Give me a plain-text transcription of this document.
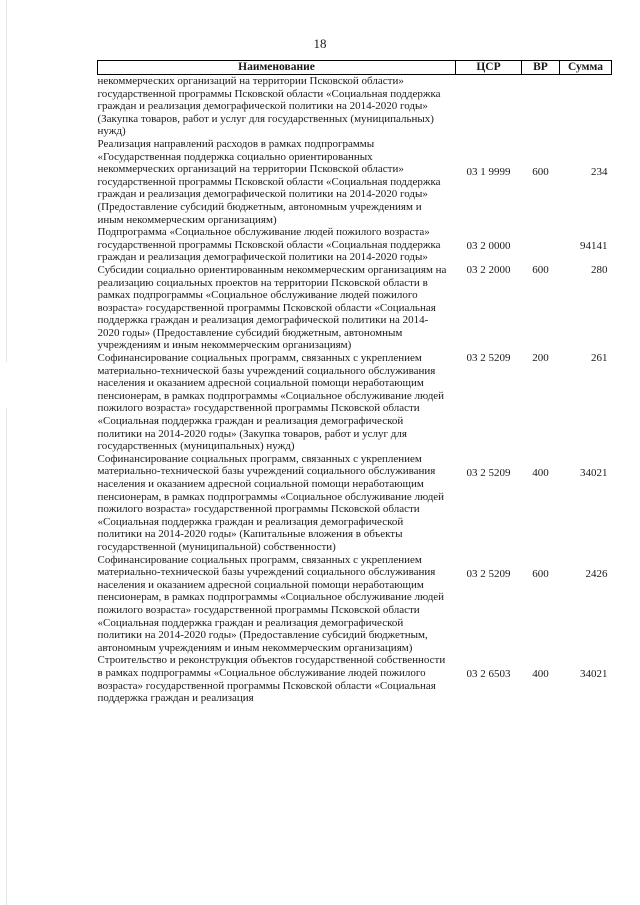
18
Наименование	ЦСР	ВР	Сумма
некоммерческих организаций на территории Псковской области» государственной программы Псковской области «Социальная поддержка граждан и реализация демографической политики на 2014-2020 годы» (Закупка товаров, работ и услуг для государственных (муниципальных) нужд)			
Реализация направлений расходов в рамках подпрограммы «Государственная поддержка социально ориентированных некоммерческих организаций на территории Псковской области» государственной программы Псковской области «Социальная поддержка граждан и реализация демографической политики на 2014-2020 годы» (Предоставление субсидий бюджетным, автономным учреждениям и иным некоммерческим организациям)	03 1 9999	600	234
Подпрограмма «Социальное обслуживание людей пожилого возраста» государственной программы Псковской области «Социальная поддержка граждан и реализация демографической политики на 2014-2020 годы»	03 2 0000		94141
Субсидии социально ориентированным некоммерческим организациям на реализацию социальных проектов на территории Псковской области в рамках подпрограммы «Социальное обслуживание людей пожилого возраста» государственной программы Псковской области «Социальная поддержка граждан и реализация демографической политики на 2014-2020 годы» (Предоставление субсидий бюджетным, автономным учреждениям и иным некоммерческим организациям)	03 2 2000	600	280
Софинансирование социальных программ, связанных с укреплением материально-технической базы учреждений социального обслуживания населения и оказанием адресной социальной помощи неработающим пенсионерам, в рамках подпрограммы «Социальное обслуживание людей пожилого возраста» государственной программы Псковской области «Социальная поддержка граждан и реализация демографической политики на 2014-2020 годы» (Закупка товаров, работ и услуг для государственных (муниципальных) нужд)	03 2 5209	200	261
Софинансирование социальных программ, связанных с укреплением материально-технической базы учреждений социального обслуживания населения и оказанием адресной социальной помощи неработающим пенсионерам, в рамках подпрограммы «Социальное обслуживание людей пожилого возраста» государственной программы Псковской области «Социальная поддержка граждан и реализация демографической политики на 2014-2020 годы» (Капитальные вложения в объекты государственной (муниципальной) собственности)	03 2 5209	400	34021
Софинансирование социальных программ, связанных с укреплением материально-технической базы учреждений социального обслуживания населения и оказанием адресной социальной помощи неработающим пенсионерам, в рамках подпрограммы «Социальное обслуживание людей пожилого возраста» государственной программы Псковской области «Социальная поддержка граждан и реализация демографической политики на 2014-2020 годы» (Предоставление субсидий бюджетным, автономным учреждениям и иным некоммерческим организациям)	03 2 5209	600	2426
Строительство и реконструкция объектов государственной собственности в рамках подпрограммы «Социальное обслуживание людей пожилого возраста» государственной программы Псковской области «Социальная поддержка граждан и реализация	03 2 6503	400	34021
